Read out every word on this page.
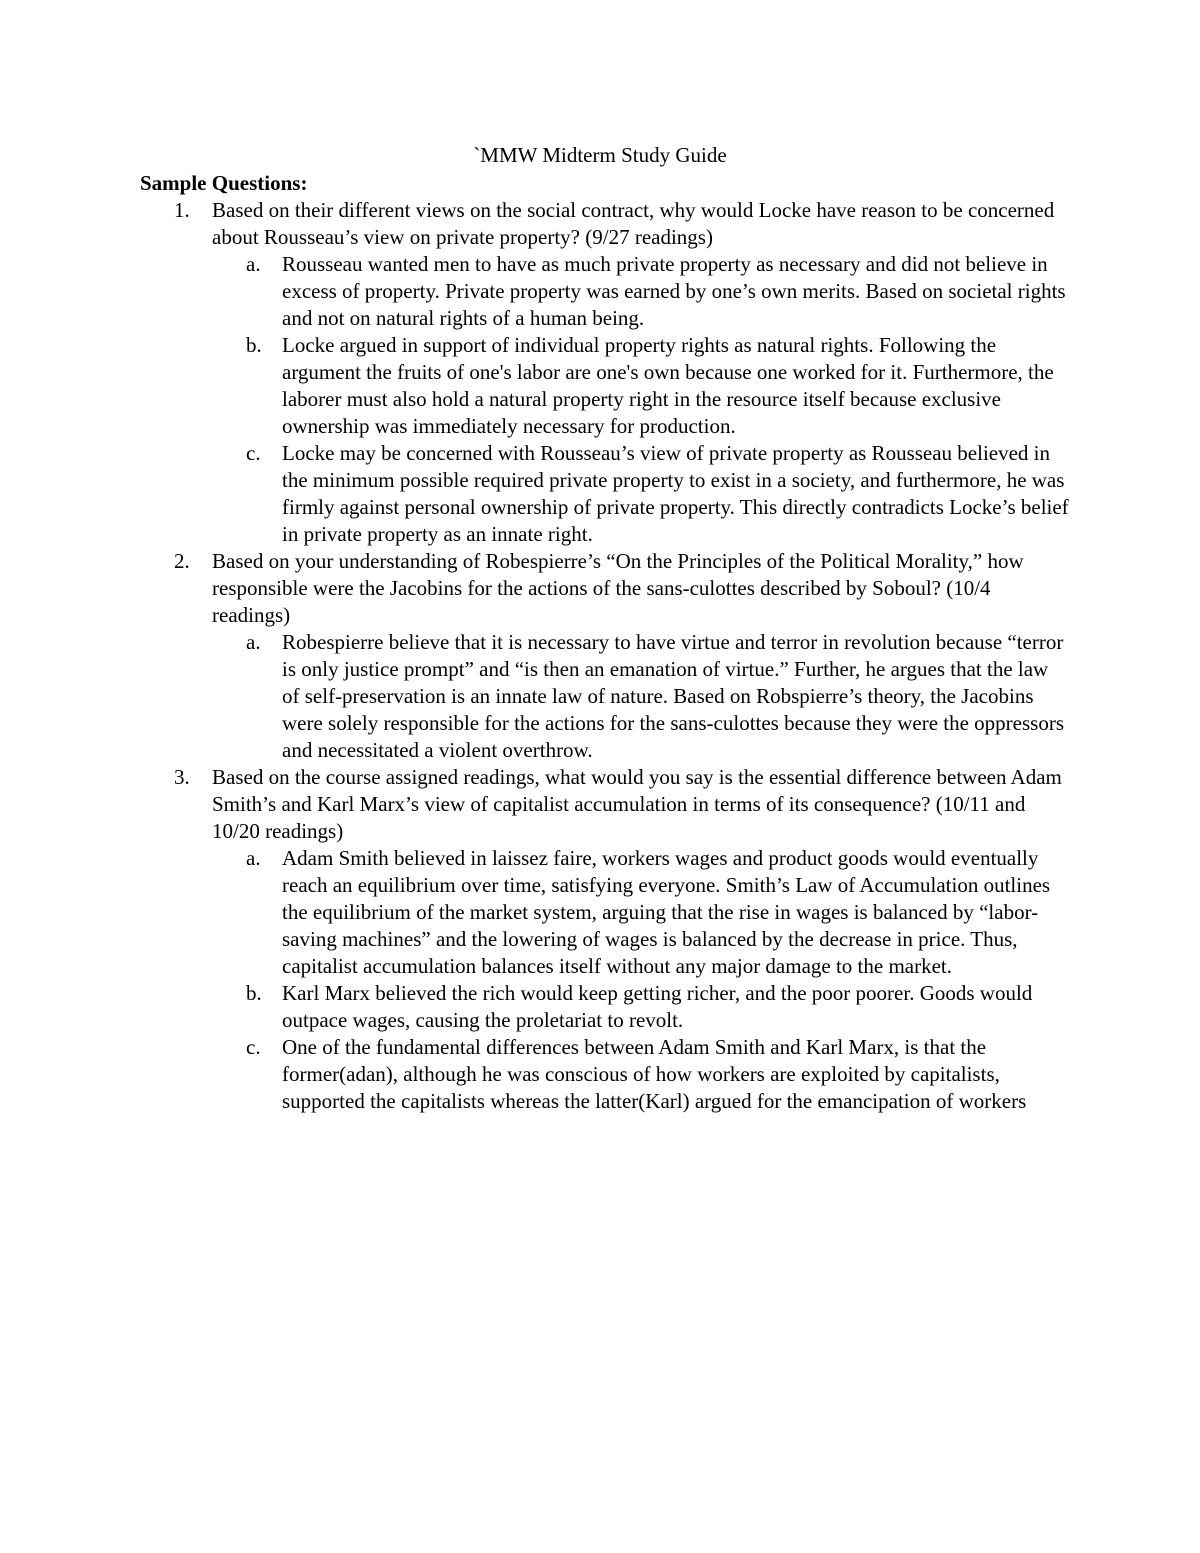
`MMW Midterm Study Guide
Sample Questions:
1. Based on their different views on the social contract, why would Locke have reason to be concerned about Rousseau’s view on private property? (9/27 readings)
a. Rousseau wanted men to have as much private property as necessary and did not believe in excess of property. Private property was earned by one’s own merits. Based on societal rights and not on natural rights of a human being.
b. Locke argued in support of individual property rights as natural rights. Following the argument the fruits of one's labor are one's own because one worked for it. Furthermore, the laborer must also hold a natural property right in the resource itself because exclusive ownership was immediately necessary for production.
c. Locke may be concerned with Rousseau’s view of private property as Rousseau believed in the minimum possible required private property to exist in a society, and furthermore, he was firmly against personal ownership of private property. This directly contradicts Locke’s belief in private property as an innate right.
2. Based on your understanding of Robespierre’s “On the Principles of the Political Morality,” how responsible were the Jacobins for the actions of the sans-culottes described by Soboul? (10/4 readings)
a. Robespierre believe that it is necessary to have virtue and terror in revolution because “terror is only justice prompt” and “is then an emanation of virtue.” Further, he argues that the law of self-preservation is an innate law of nature. Based on Robspierre’s theory, the Jacobins were solely responsible for the actions for the sans-culottes because they were the oppressors and necessitated a violent overthrow.
3. Based on the course assigned readings, what would you say is the essential difference between Adam Smith’s and Karl Marx’s view of capitalist accumulation in terms of its consequence? (10/11 and 10/20 readings)
a. Adam Smith believed in laissez faire, workers wages and product goods would eventually reach an equilibrium over time, satisfying everyone. Smith’s Law of Accumulation outlines the equilibrium of the market system, arguing that the rise in wages is balanced by “labor-saving machines” and the lowering of wages is balanced by the decrease in price. Thus, capitalist accumulation balances itself without any major damage to the market.
b. Karl Marx believed the rich would keep getting richer, and the poor poorer. Goods would outpace wages, causing the proletariat to revolt.
c. One of the fundamental differences between Adam Smith and Karl Marx, is that the former(adan), although he was conscious of how workers are exploited by capitalists, supported the capitalists whereas the latter(Karl) argued for the emancipation of workers
